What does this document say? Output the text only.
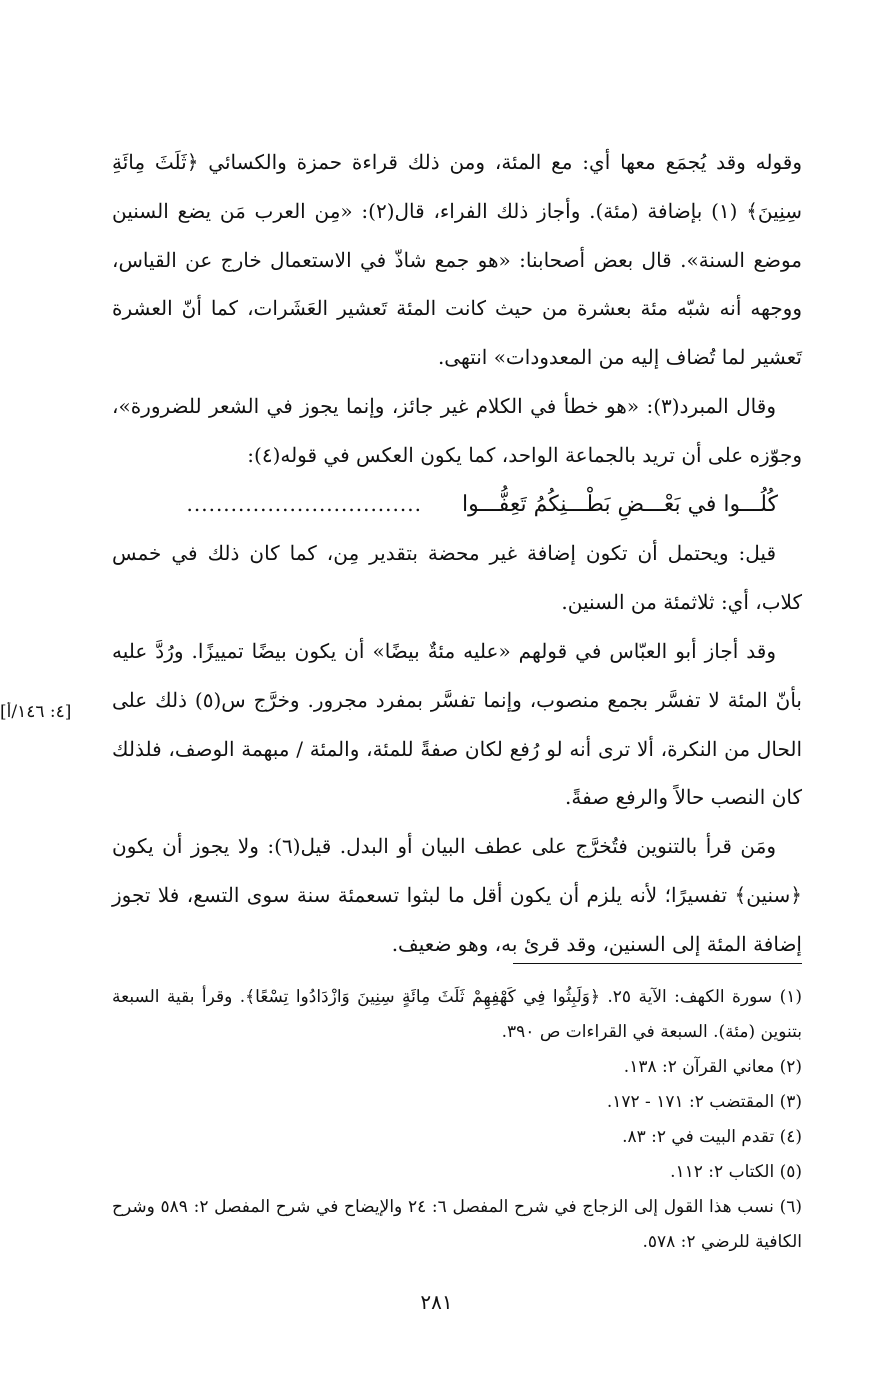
وقوله وقد يُجمَع معها أي: مع المئة، ومن ذلك قراءة حمزة والكسائي ﴿ثَلَثَ مِائَةِ سِنِينَ﴾ (١) بإضافة (مئة). وأجاز ذلك الفراء، قال(٢): «مِن العرب مَن يضع السنين موضع السنة». قال بعض أصحابنا: «هو جمع شاذّ في الاستعمال خارج عن القياس، ووجهه أنه شبّه مئة بعشرة من حيث كانت المئة تَعشير العَشَرات، كما أنّ العشرة تَعشير لما تُضاف إليه من المعدودات» انتهى.

وقال المبرد(٣): «هو خطأ في الكلام غير جائز، وإنما يجوز في الشعر للضرورة»، وجوّزه على أن تريد بالجماعة الواحد، كما يكون العكس في قوله(٤):

كُلُـــوا في بَعْـــضِ بَطْـــنِكُمُ تَعِفُّـــوا
................................

قيل: ويحتمل أن تكون إضافة غير محضة بتقدير مِن، كما كان ذلك في خمس كلاب، أي: ثلاثمئة من السنين.

وقد أجاز أبو العبّاس في قولهم «عليه مئةٌ بيضًا» أن يكون بيضًا تمييزًا. ورُدَّ عليه بأنّ المئة لا تفسَّر بجمع منصوب، وإنما تفسَّر بمفرد مجرور. وخرَّج س(٥) ذلك على الحال من النكرة، ألا ترى أنه لو رُفع لكان صفةً للمئة، والمئة / مبهمة الوصف، فلذلك كان النصب حالاً والرفع صفةً.

ومَن قرأ بالتنوين فتُخرَّج على عطف البيان أو البدل. قيل(٦): ولا يجوز أن يكون ﴿سنين﴾ تفسيرًا؛ لأنه يلزم أن يكون أقل ما لبثوا تسعمئة سنة سوى التسع، فلا تجوز إضافة المئة إلى السنين، وقد قرئ به، وهو ضعيف.

[٤: ١٤٦/أ]

(١) سورة الكهف: الآية ٢٥. ﴿وَلَبِثُوا فِي كَهْفِهِمْ ثَلَثَ مِائَةٍ سِنِينَ وَازْدَادُوا تِسْعًا﴾. وقرأ بقية السبعة بتنوين (مئة). السبعة في القراءات ص ٣٩٠.

(٢) معاني القرآن ٢: ١٣٨.

(٣) المقتضب ٢: ١٧١ - ١٧٢.

(٤) تقدم البيت في ٢: ٨٣.

(٥) الكتاب ٢: ١١٢.

(٦) نسب هذا القول إلى الزجاج في شرح المفصل ٦: ٢٤ والإيضاح في شرح المفصل ٢: ٥٨٩ وشرح الكافية للرضي ٢: ٥٧٨.

٢٨١
